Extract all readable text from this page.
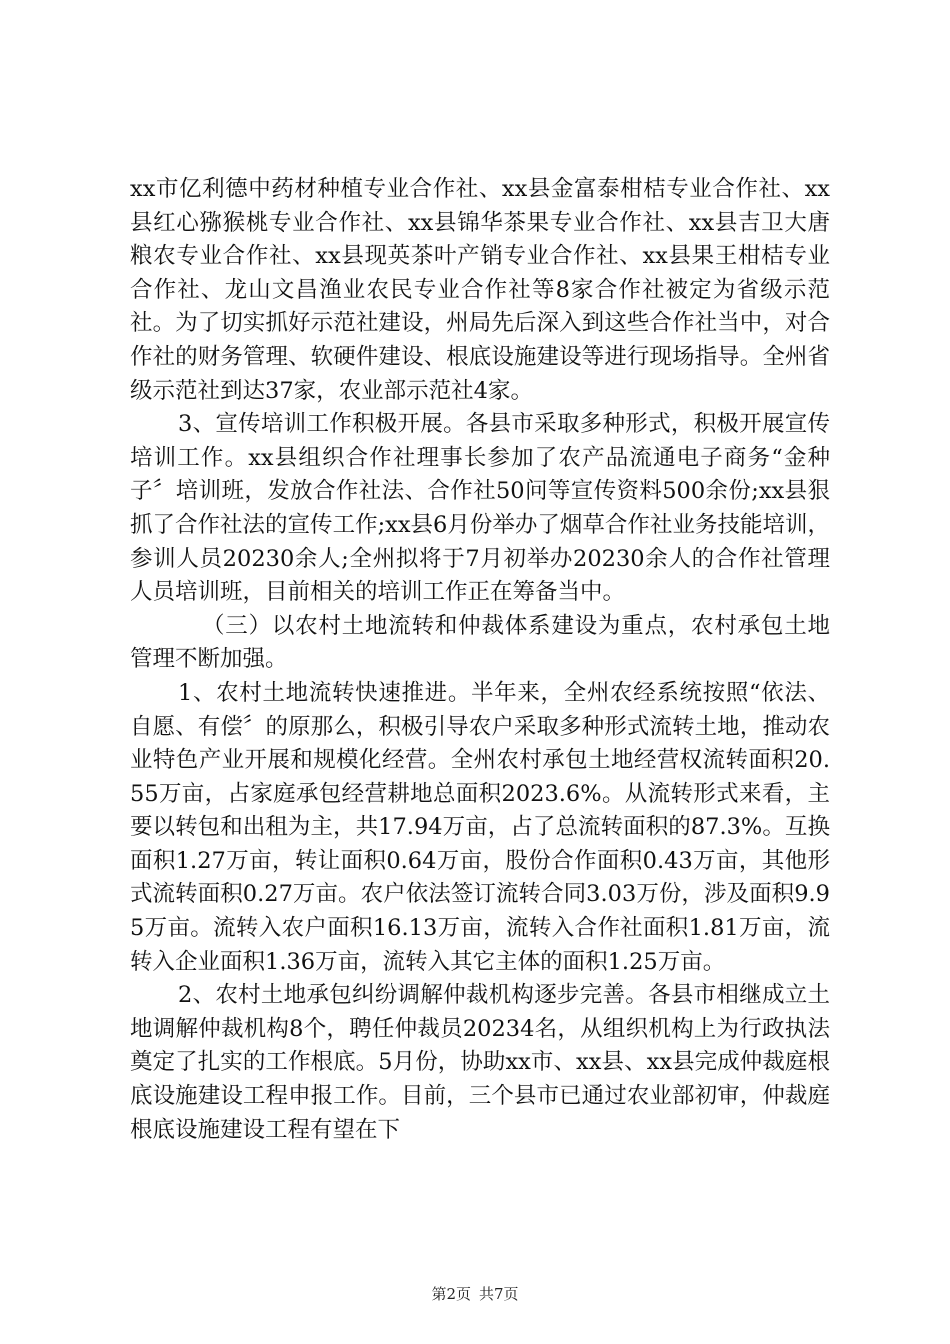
xx市亿利德中药材种植专业合作社、xx县金富泰柑桔专业合作社、xx县红心猕猴桃专业合作社、xx县锦华茶果专业合作社、xx县吉卫大唐粮农专业合作社、xx县现英茶叶产销专业合作社、xx县果王柑桔专业合作社、龙山文昌渔业农民专业合作社等8家合作社被定为省级示范社。为了切实抓好示范社建设，州局先后深入到这些合作社当中，对合作社的财务管理、软硬件建设、根底设施建设等进行现场指导。全州省级示范社到达37家，农业部示范社4家。

3、宣传培训工作积极开展。各县市采取多种形式，积极开展宣传培训工作。xx县组织合作社理事长参加了农产品流通电子商务“金种子〞培训班，发放合作社法、合作社50问等宣传资料500余份;xx县狠抓了合作社法的宣传工作;xx县6月份举办了烟草合作社业务技能培训，参训人员20230余人;全州拟将于7月初举办20230余人的合作社管理人员培训班，目前相关的培训工作正在筹备当中。

（三）以农村土地流转和仲裁体系建设为重点，农村承包土地管理不断加强。

1、农村土地流转快速推进。半年来，全州农经系统按照“依法、自愿、有偿〞的原那么，积极引导农户采取多种形式流转土地，推动农业特色产业开展和规模化经营。全州农村承包土地经营权流转面积20.55万亩，占家庭承包经营耕地总面积2023.6%。从流转形式来看，主要以转包和出租为主，共17.94万亩，占了总流转面积的87.3%。互换面积1.27万亩，转让面积0.64万亩，股份合作面积0.43万亩，其他形式流转面积0.27万亩。农户依法签订流转合同3.03万份，涉及面积9.95万亩。流转入农户面积16.13万亩，流转入合作社面积1.81万亩，流转入企业面积1.36万亩，流转入其它主体的面积1.25万亩。

2、农村土地承包纠纷调解仲裁机构逐步完善。各县市相继成立土地调解仲裁机构8个，聘任仲裁员20234名，从组织机构上为行政执法奠定了扎实的工作根底。5月份，协助xx市、xx县、xx县完成仲裁庭根底设施建设工程申报工作。目前，三个县市已通过农业部初审，仲裁庭根底设施建设工程有望在下

第2页 共7页
